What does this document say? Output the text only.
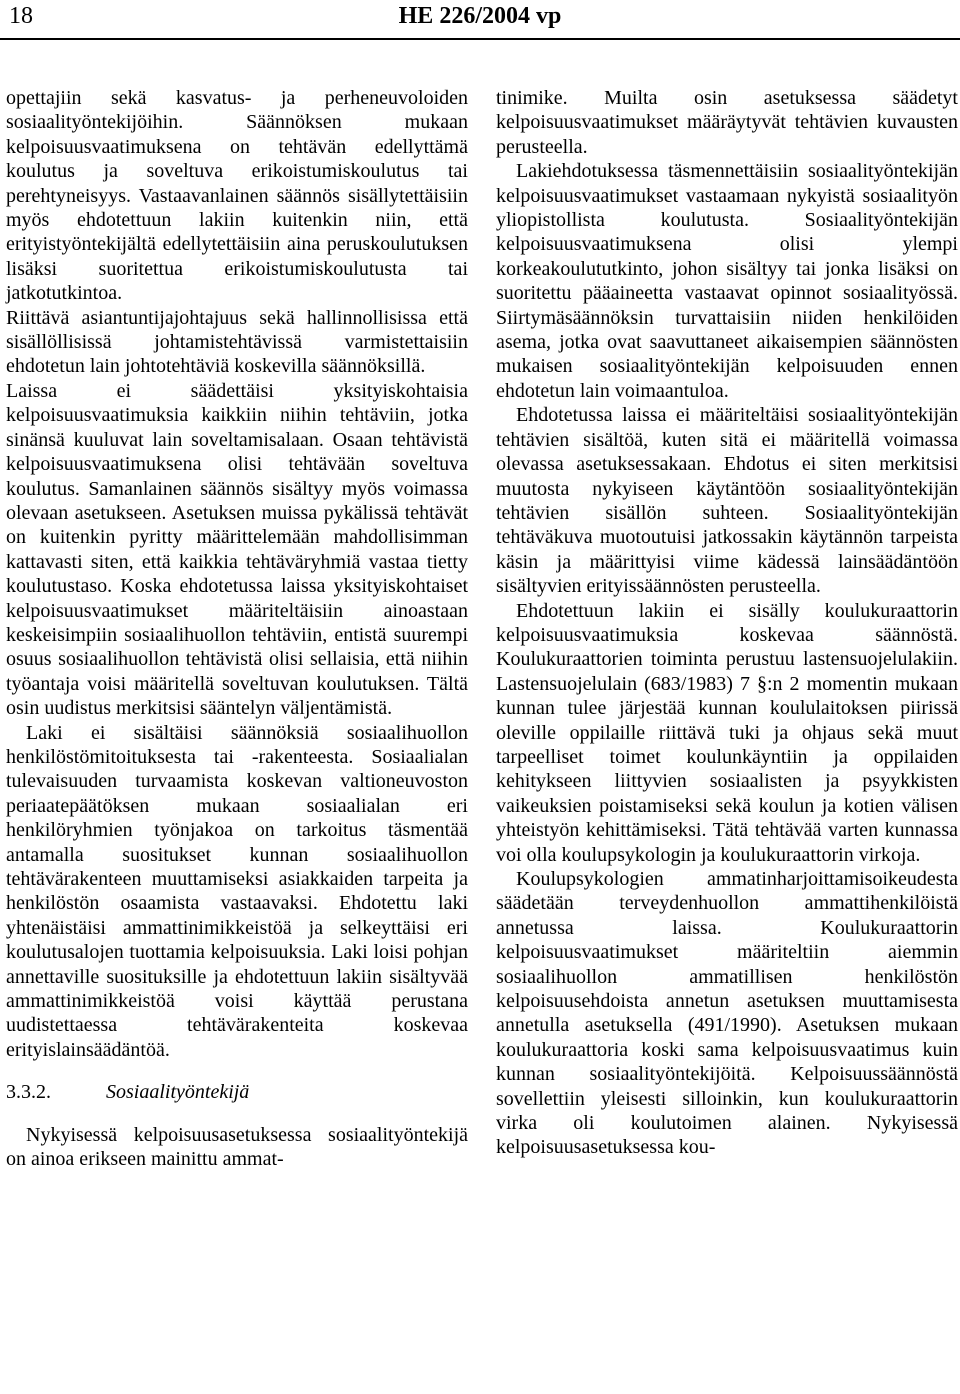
18	HE 226/2004 vp

opettajiin sekä kasvatus- ja perheneuvoloiden sosiaalityöntekijöihin. Säännöksen mukaan kelpoisuusvaatimuksena on tehtävän edellyttämä koulutus ja soveltuva erikoistumiskoulutus tai perehtyneisyys. Vastaavanlainen säännös sisällytettäisiin myös ehdotettuun lakiin kuitenkin niin, että erityistyöntekijältä edellytettäisiin aina peruskoulutuksen lisäksi suoritettua erikoistumiskoulutusta tai jatkotutkintoa.

Riittävä asiantuntijajohtajuus sekä hallinnollisissa että sisällöllisissä johtamistehtävissä varmistettaisiin ehdotetun lain johtotehtäviä koskevilla säännöksillä.

Laissa ei säädettäisi yksityiskohtaisia kelpoisuusvaatimuksia kaikkiin niihin tehtäviin, jotka sinänsä kuuluvat lain soveltamisalaan. Osaan tehtävistä kelpoisuusvaatimuksena olisi tehtävään soveltuva koulutus. Samanlainen säännös sisältyy myös voimassa olevaan asetukseen. Asetuksen muissa pykälissä tehtävät on kuitenkin pyritty määrittelemään mahdollisimman kattavasti siten, että kaikkia tehtäväryhmiä vastaa tietty koulutustaso. Koska ehdotetussa laissa yksityiskohtaiset kelpoisuusvaatimukset määriteltäisiin ainoastaan keskeisimpiin sosiaalihuollon tehtäviin, entistä suurempi osuus sosiaalihuollon tehtävistä olisi sellaisia, että niihin työantaja voisi määritellä soveltuvan koulutuksen. Tältä osin uudistus merkitsisi sääntelyn väljentämistä.

Laki ei sisältäisi säännöksiä sosiaalihuollon henkilöstömitoituksesta tai -rakenteesta. Sosiaalialan tulevaisuuden turvaamista koskevan valtioneuvoston periaatepäätöksen mukaan sosiaalialan eri henkilöryhmien työnjakoa on tarkoitus täsmentää antamalla suositukset kunnan sosiaalihuollon tehtävärakenteen muuttamiseksi asiakkaiden tarpeita ja henkilöstön osaamista vastaavaksi. Ehdotettu laki yhtenäistäisi ammattinimikkeistöä ja selkeyttäisi eri koulutusalojen tuottamia kelpoisuuksia. Laki loisi pohjan annettaville suosituksille ja ehdotettuun lakiin sisältyvää ammattinimikkeistöä voisi käyttää perustana uudistettaessa tehtävärakenteita koskevaa erityislainsäädäntöä.

3.3.2.	Sosiaalityöntekijä

Nykyisessä kelpoisuusasetuksessa sosiaalityöntekijä on ainoa erikseen mainittu ammat-

tinimike. Muilta osin asetuksessa säädetyt kelpoisuusvaatimukset määräytyvät tehtävien kuvausten perusteella.

Lakiehdotuksessa täsmennettäisiin sosiaalityöntekijän kelpoisuusvaatimukset vastaamaan nykyistä sosiaalityön yliopistollista koulutusta. Sosiaalityöntekijän kelpoisuusvaatimuksena olisi ylempi korkeakoulututkinto, johon sisältyy tai jonka lisäksi on suoritettu pääaineetta vastaavat opinnot sosiaalityössä. Siirtymäsäännöksin turvattaisiin niiden henkilöiden asema, jotka ovat saavuttaneet aikaisempien säännösten mukaisen sosiaalityöntekijän kelpoisuuden ennen ehdotetun lain voimaantuloa.

Ehdotetussa laissa ei määriteltäisi sosiaalityöntekijän tehtävien sisältöä, kuten sitä ei määritellä voimassa olevassa asetuksessakaan. Ehdotus ei siten merkitsisi muutosta nykyiseen käytäntöön sosiaalityöntekijän tehtävien sisällön suhteen. Sosiaalityöntekijän tehtäväkuva muotoutuisi jatkossakin käytännön tarpeista käsin ja määrittyisi viime kädessä lainsäädäntöön sisältyvien erityissäännösten perusteella.

Ehdotettuun lakiin ei sisälly koulukuraattorin kelpoisuusvaatimuksia koskevaa säännöstä. Koulukuraattorien toiminta perustuu lastensuojelulakiin. Lastensuojelulain (683/1983) 7 §:n 2 momentin mukaan kunnan tulee järjestää kunnan koululaitoksen piirissä oleville oppilaille riittävä tuki ja ohjaus sekä muut tarpeelliset toimet koulunkäyntiin ja oppilaiden kehitykseen liittyvien sosiaalisten ja psyykkisten vaikeuksien poistamiseksi sekä koulun ja kotien välisen yhteistyön kehittämiseksi. Tätä tehtävää varten kunnassa voi olla koulupsykologin ja koulukuraattorin virkoja.

Koulupsykologien ammatinharjoittamisoikeudesta säädetään terveydenhuollon ammattihenkilöistä annetussa laissa. Koulukuraattorin kelpoisuusvaatimukset määriteltiin aiemmin sosiaalihuollon ammatillisen henkilöstön kelpoisuusehdoista annetun asetuksen muuttamisesta annetulla asetuksella (491/1990). Asetuksen mukaan koulukuraattoria koski sama kelpoisuusvaatimus kuin kunnan sosiaalityöntekijöitä. Kelpoisuussäännöstä sovellettiin yleisesti silloinkin, kun koulukuraattorin virka oli koulutoimen alainen. Nykyisessä kelpoisuusasetuksessa kou-
